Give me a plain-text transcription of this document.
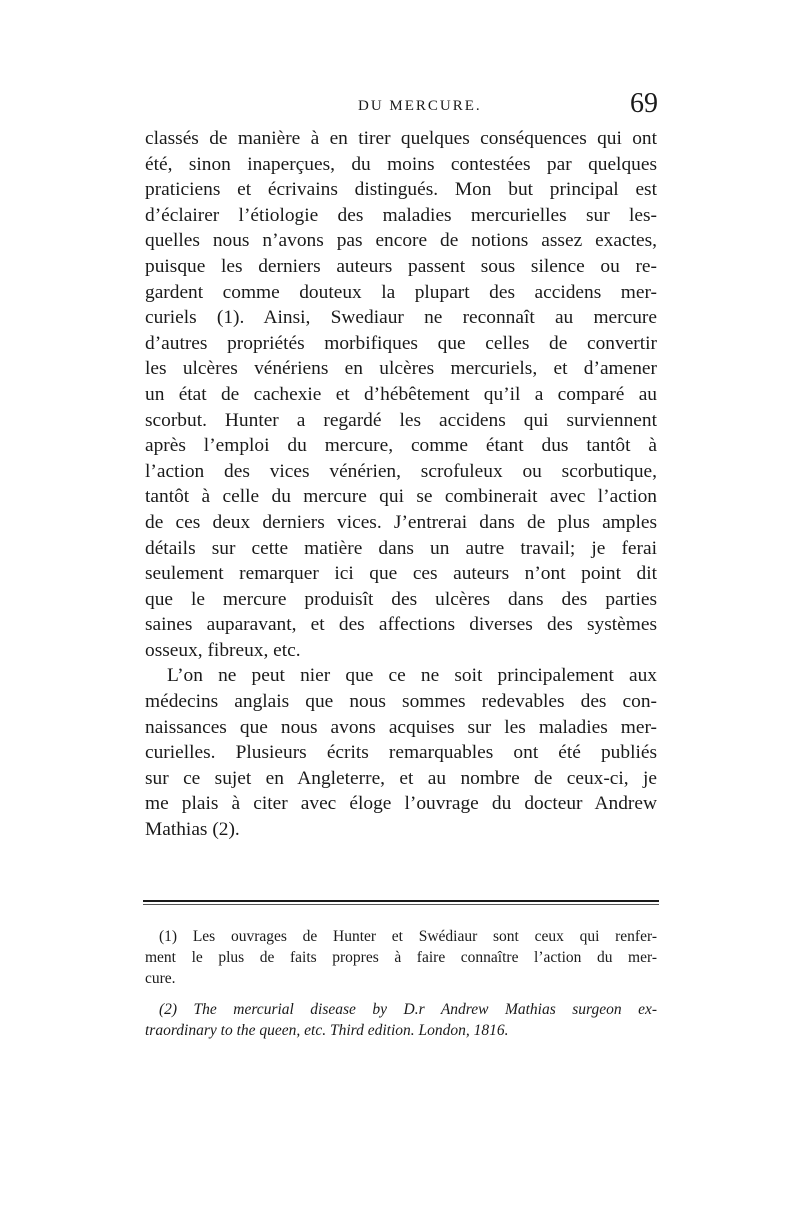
DU MERCURE.	69
classés de manière à en tirer quelques conséquences qui ont
été, sinon inaperçues, du moins contestées par quelques
praticiens et écrivains distingués. Mon but principal est
d’éclairer l’étiologie des maladies mercurielles sur les-
quelles nous n’avons pas encore de notions assez exactes,
puisque les derniers auteurs passent sous silence ou re-
gardent comme douteux la plupart des accidens mer-
curiels (1). Ainsi, Swediaur ne reconnaît au mercure
d’autres propriétés morbifiques que celles de convertir
les ulcères vénériens en ulcères mercuriels, et d’amener
un état de cachexie et d’hébêtement qu’il a comparé au
scorbut. Hunter a regardé les accidens qui surviennent
après l’emploi du mercure, comme étant dus tantôt à
l’action des vices vénérien, scrofuleux ou scorbutique,
tantôt à celle du mercure qui se combinerait avec l’action
de ces deux derniers vices. J’entrerai dans de plus amples
détails sur cette matière dans un autre travail; je ferai
seulement remarquer ici que ces auteurs n’ont point dit
que le mercure produisît des ulcères dans des parties
saines auparavant, et des affections diverses des systèmes
osseux, fibreux, etc.
L’on ne peut nier que ce ne soit principalement aux
médecins anglais que nous sommes redevables des con-
naissances que nous avons acquises sur les maladies mer-
curielles. Plusieurs écrits remarquables ont été publiés
sur ce sujet en Angleterre, et au nombre de ceux-ci, je
me plais à citer avec éloge l’ouvrage du docteur Andrew
Mathias (2).
(1) Les ouvrages de Hunter et Swédiaur sont ceux qui renfer-
ment le plus de faits propres à faire connaître l’action du mer-
cure.
(2) The mercurial disease by D.r Andrew Mathias surgeon ex-
traordinary to the queen, etc. Third edition. London, 1816.
